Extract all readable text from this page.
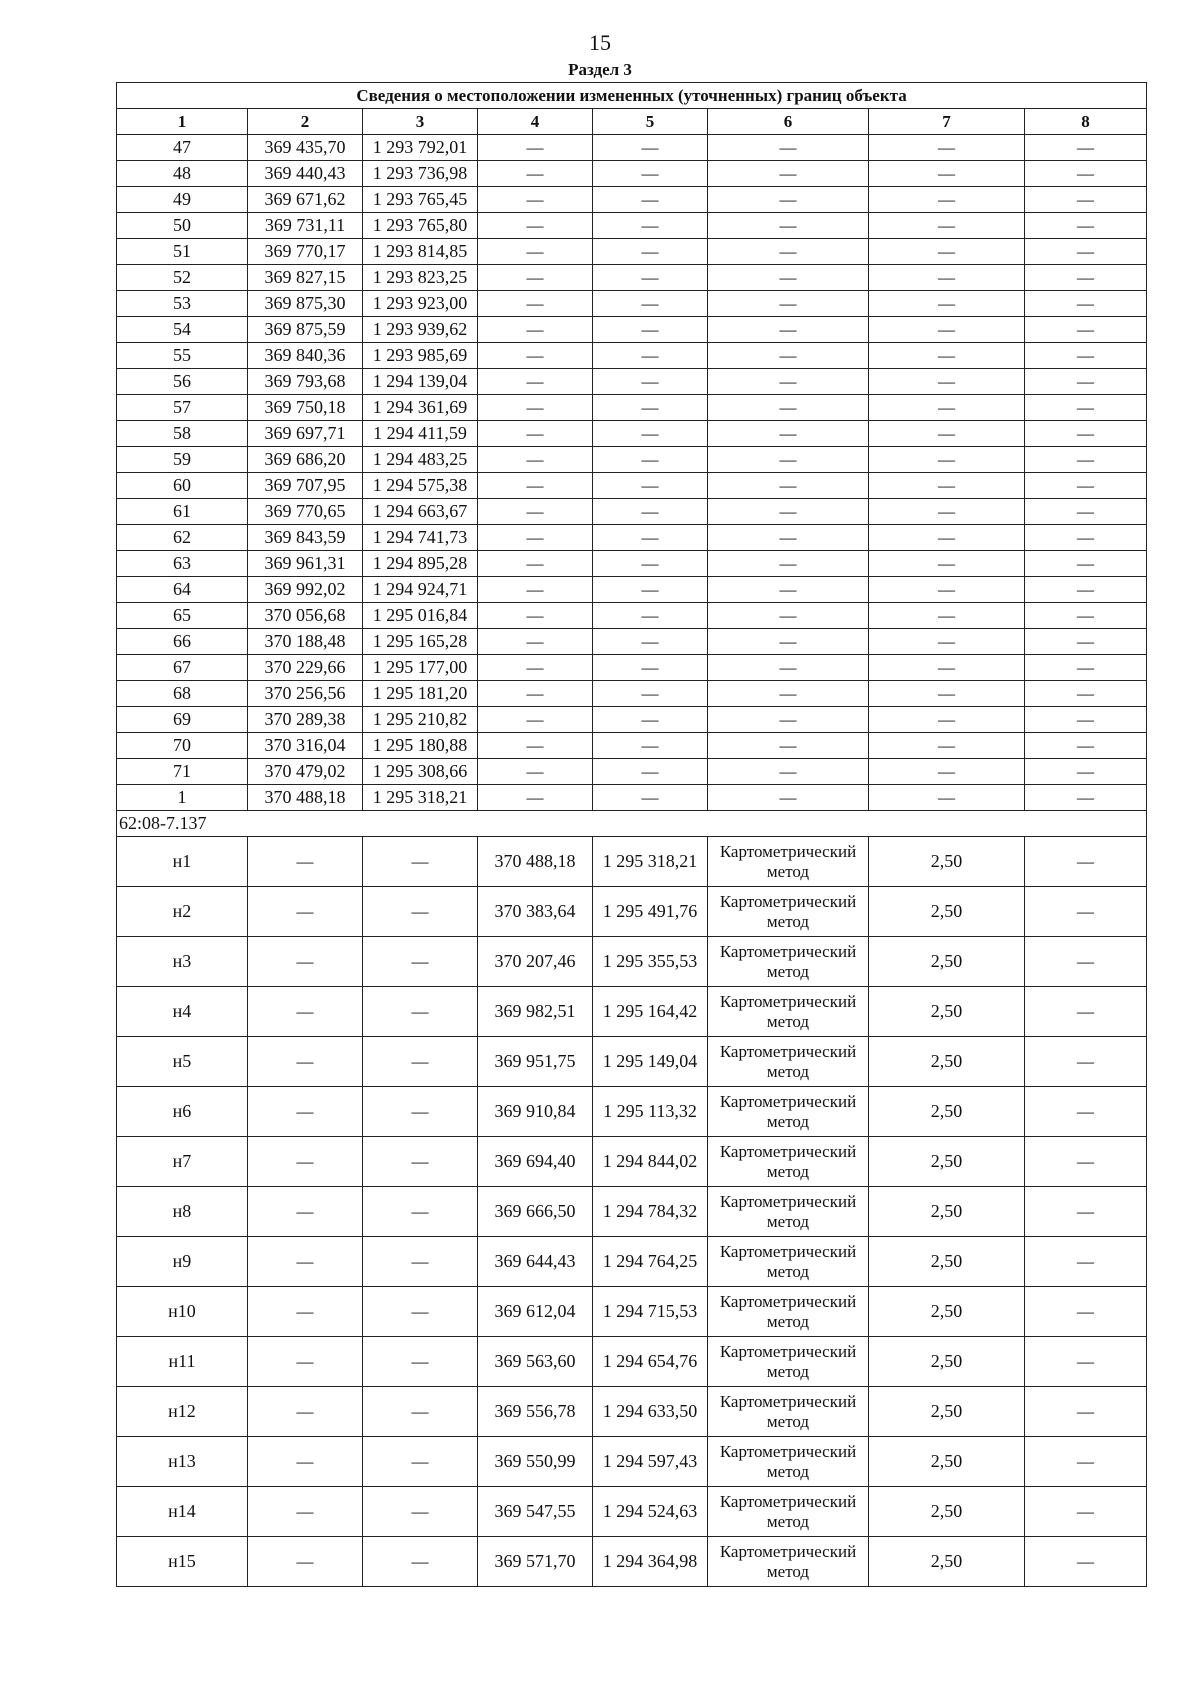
15
Раздел 3
Сведения о местоположении измененных (уточненных) границ объекта							
1	2	3	4	5	6	7	8
47	369 435,70	1 293 792,01	—	—	—	—	—
48	369 440,43	1 293 736,98	—	—	—	—	—
49	369 671,62	1 293 765,45	—	—	—	—	—
50	369 731,11	1 293 765,80	—	—	—	—	—
51	369 770,17	1 293 814,85	—	—	—	—	—
52	369 827,15	1 293 823,25	—	—	—	—	—
53	369 875,30	1 293 923,00	—	—	—	—	—
54	369 875,59	1 293 939,62	—	—	—	—	—
55	369 840,36	1 293 985,69	—	—	—	—	—
56	369 793,68	1 294 139,04	—	—	—	—	—
57	369 750,18	1 294 361,69	—	—	—	—	—
58	369 697,71	1 294 411,59	—	—	—	—	—
59	369 686,20	1 294 483,25	—	—	—	—	—
60	369 707,95	1 294 575,38	—	—	—	—	—
61	369 770,65	1 294 663,67	—	—	—	—	—
62	369 843,59	1 294 741,73	—	—	—	—	—
63	369 961,31	1 294 895,28	—	—	—	—	—
64	369 992,02	1 294 924,71	—	—	—	—	—
65	370 056,68	1 295 016,84	—	—	—	—	—
66	370 188,48	1 295 165,28	—	—	—	—	—
67	370 229,66	1 295 177,00	—	—	—	—	—
68	370 256,56	1 295 181,20	—	—	—	—	—
69	370 289,38	1 295 210,82	—	—	—	—	—
70	370 316,04	1 295 180,88	—	—	—	—	—
71	370 479,02	1 295 308,66	—	—	—	—	—
1	370 488,18	1 295 318,21	—	—	—	—	—
62:08-7.137							
н1	—	—	370 488,18	1 295 318,21	Картометрический метод	2,50	—
н2	—	—	370 383,64	1 295 491,76	Картометрический метод	2,50	—
н3	—	—	370 207,46	1 295 355,53	Картометрический метод	2,50	—
н4	—	—	369 982,51	1 295 164,42	Картометрический метод	2,50	—
н5	—	—	369 951,75	1 295 149,04	Картометрический метод	2,50	—
н6	—	—	369 910,84	1 295 113,32	Картометрический метод	2,50	—
н7	—	—	369 694,40	1 294 844,02	Картометрический метод	2,50	—
н8	—	—	369 666,50	1 294 784,32	Картометрический метод	2,50	—
н9	—	—	369 644,43	1 294 764,25	Картометрический метод	2,50	—
н10	—	—	369 612,04	1 294 715,53	Картометрический метод	2,50	—
н11	—	—	369 563,60	1 294 654,76	Картометрический метод	2,50	—
н12	—	—	369 556,78	1 294 633,50	Картометрический метод	2,50	—
н13	—	—	369 550,99	1 294 597,43	Картометрический метод	2,50	—
н14	—	—	369 547,55	1 294 524,63	Картометрический метод	2,50	—
н15	—	—	369 571,70	1 294 364,98	Картометрический метод	2,50	—
